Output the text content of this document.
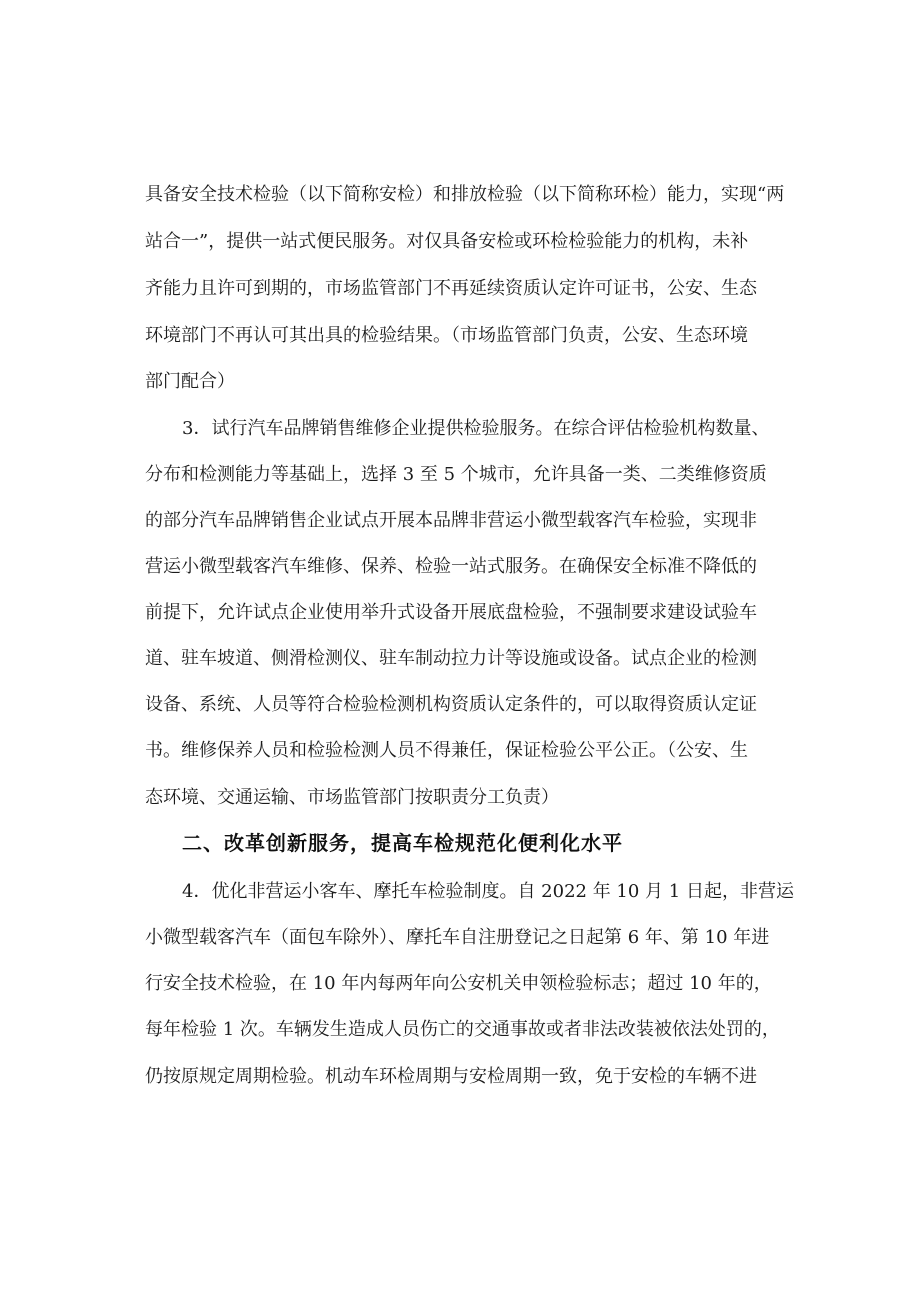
具备安全技术检验（以下简称安检）和排放检验（以下简称环检）能力，实现“两
站合一”，提供一站式便民服务。对仅具备安检或环检检验能力的机构，未补
齐能力且许可到期的，市场监管部门不再延续资质认定许可证书，公安、生态
环境部门不再认可其出具的检验结果。（市场监管部门负责，公安、生态环境
部门配合）
3．试行汽车品牌销售维修企业提供检验服务。在综合评估检验机构数量、
分布和检测能力等基础上，选择 3 至 5 个城市，允许具备一类、二类维修资质
的部分汽车品牌销售企业试点开展本品牌非营运小微型载客汽车检验，实现非
营运小微型载客汽车维修、保养、检验一站式服务。在确保安全标准不降低的
前提下，允许试点企业使用举升式设备开展底盘检验，不强制要求建设试验车
道、驻车坡道、侧滑检测仪、驻车制动拉力计等设施或设备。试点企业的检测
设备、系统、人员等符合检验检测机构资质认定条件的，可以取得资质认定证
书。维修保养人员和检验检测人员不得兼任，保证检验公平公正。（公安、生
态环境、交通运输、市场监管部门按职责分工负责）
二、改革创新服务，提高车检规范化便利化水平
4．优化非营运小客车、摩托车检验制度。自 2022 年 10 月 1 日起，非营运
小微型载客汽车（面包车除外）、摩托车自注册登记之日起第 6 年、第 10 年进
行安全技术检验，在 10 年内每两年向公安机关申领检验标志；超过 10 年的，
每年检验 1 次。车辆发生造成人员伤亡的交通事故或者非法改装被依法处罚的，
仍按原规定周期检验。机动车环检周期与安检周期一致，免于安检的车辆不进
